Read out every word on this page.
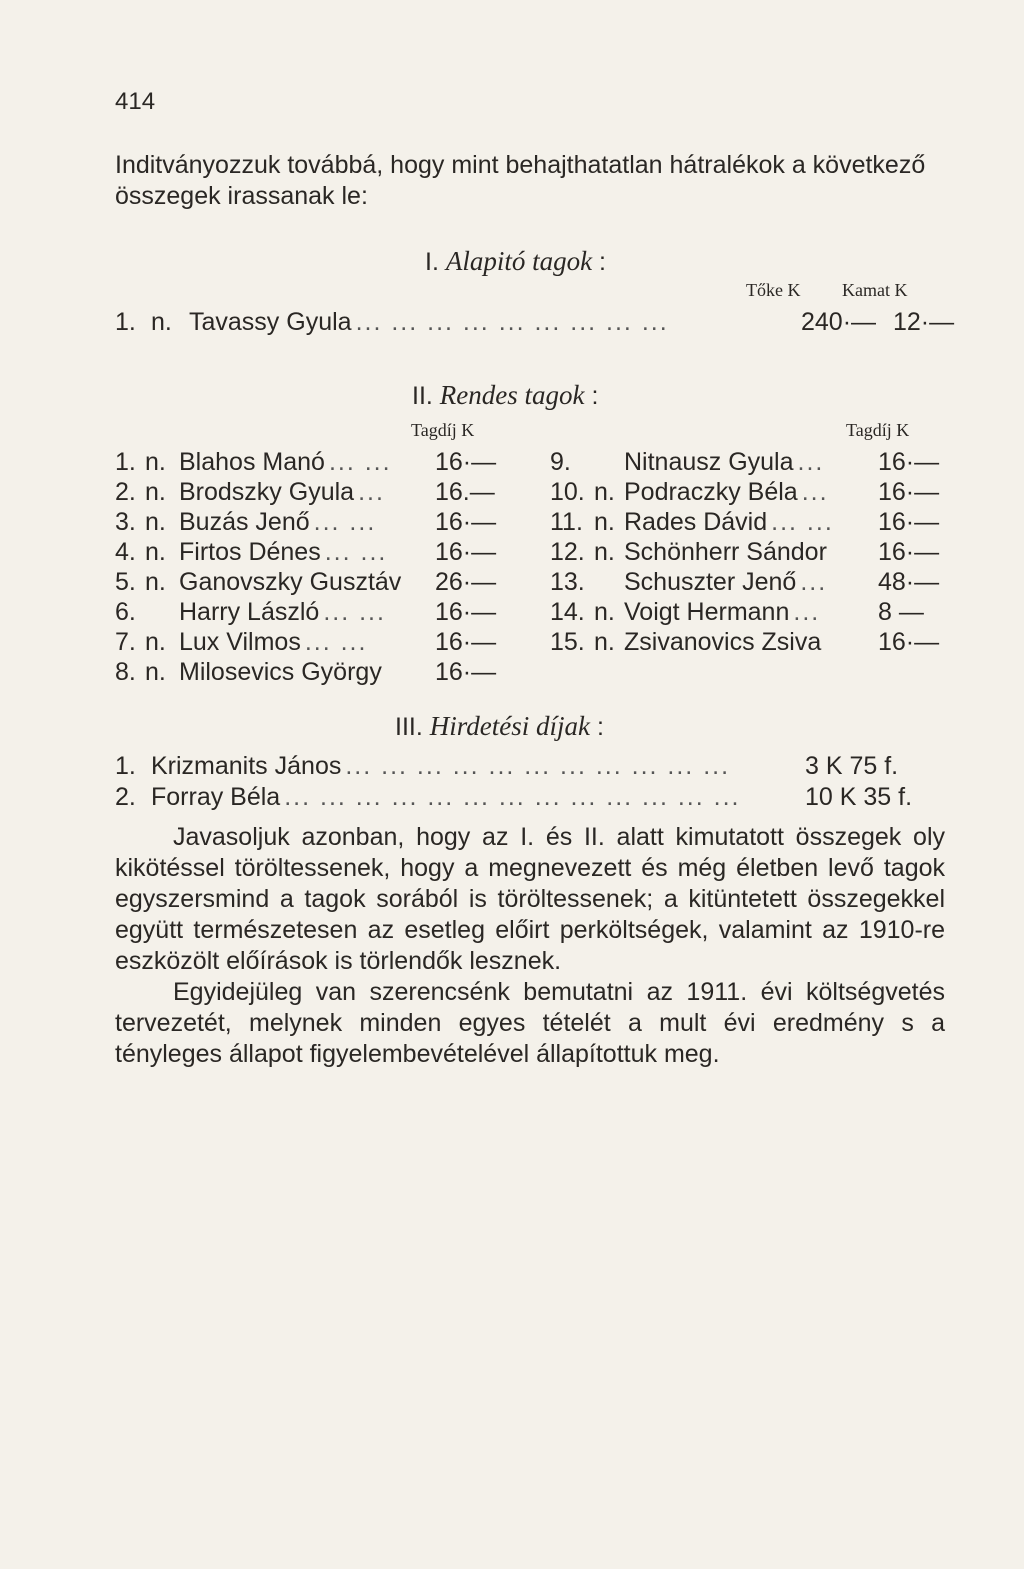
414
Inditványozzuk továbbá, hogy mint behajthatatlan hátralékok a következő összegek irassanak le:
I. Alapitó tagok :
Tőke K Kamat K
1. n. Tavassy Gyula ... ... ... ... ... ... ... ... ...	240·— 12·—
II. Rendes tagok :
Tagdíj K	Tagdíj K
1. n. Blahos Manó ... ...	16·—
2. n. Brodszky Gyula ...	16.—
3. n. Buzás Jenő ... ...	16·—
4. n. Firtos Dénes ... ...	16·—
5. n. Ganovszky Gusztáv 26·—
6.	Harry László ... ...	16·—
7. n. Lux Vilmos ... ...	16·—
8. n. Milosevics György 16·—
9.	Nitnausz Gyula ...	16·—
10. n. Podraczky Béla ...	16·—
11. n. Rades Dávid ... ...	16·—
12. n. Schönherr Sándor 16·—
13.	Schuszter Jenő ...	48·—
14. n. Voigt Hermann ...	8 —
15. n. Zsivanovics Zsiva 16·—
III. Hirdetési díjak :
1. Krizmanits János ... ... ... ... ... ... ... ... ... ... ...	3 K 75 f.
2. Forray Béla ... ... ... ... ... ... ... ... ... ... ... ... ...	10 K 35 f.

Javasoljuk azonban, hogy az I. és II. alatt kimutatott összegek oly kikötéssel töröltessenek, hogy a megnevezett és még életben levő tagok egyszersmind a tagok sorából is töröltessenek; a kitüntetett összegekkel együtt természetesen az esetleg előirt perköltségek, valamint az 1910-re eszközölt előírások is törlendők lesznek.

Egyidejüleg van szerencsénk bemutatni az 1911. évi költségvetés tervezetét, melynek minden egyes tételét a mult évi eredmény s a tényleges állapot figyelembevételével állapítottuk meg.
